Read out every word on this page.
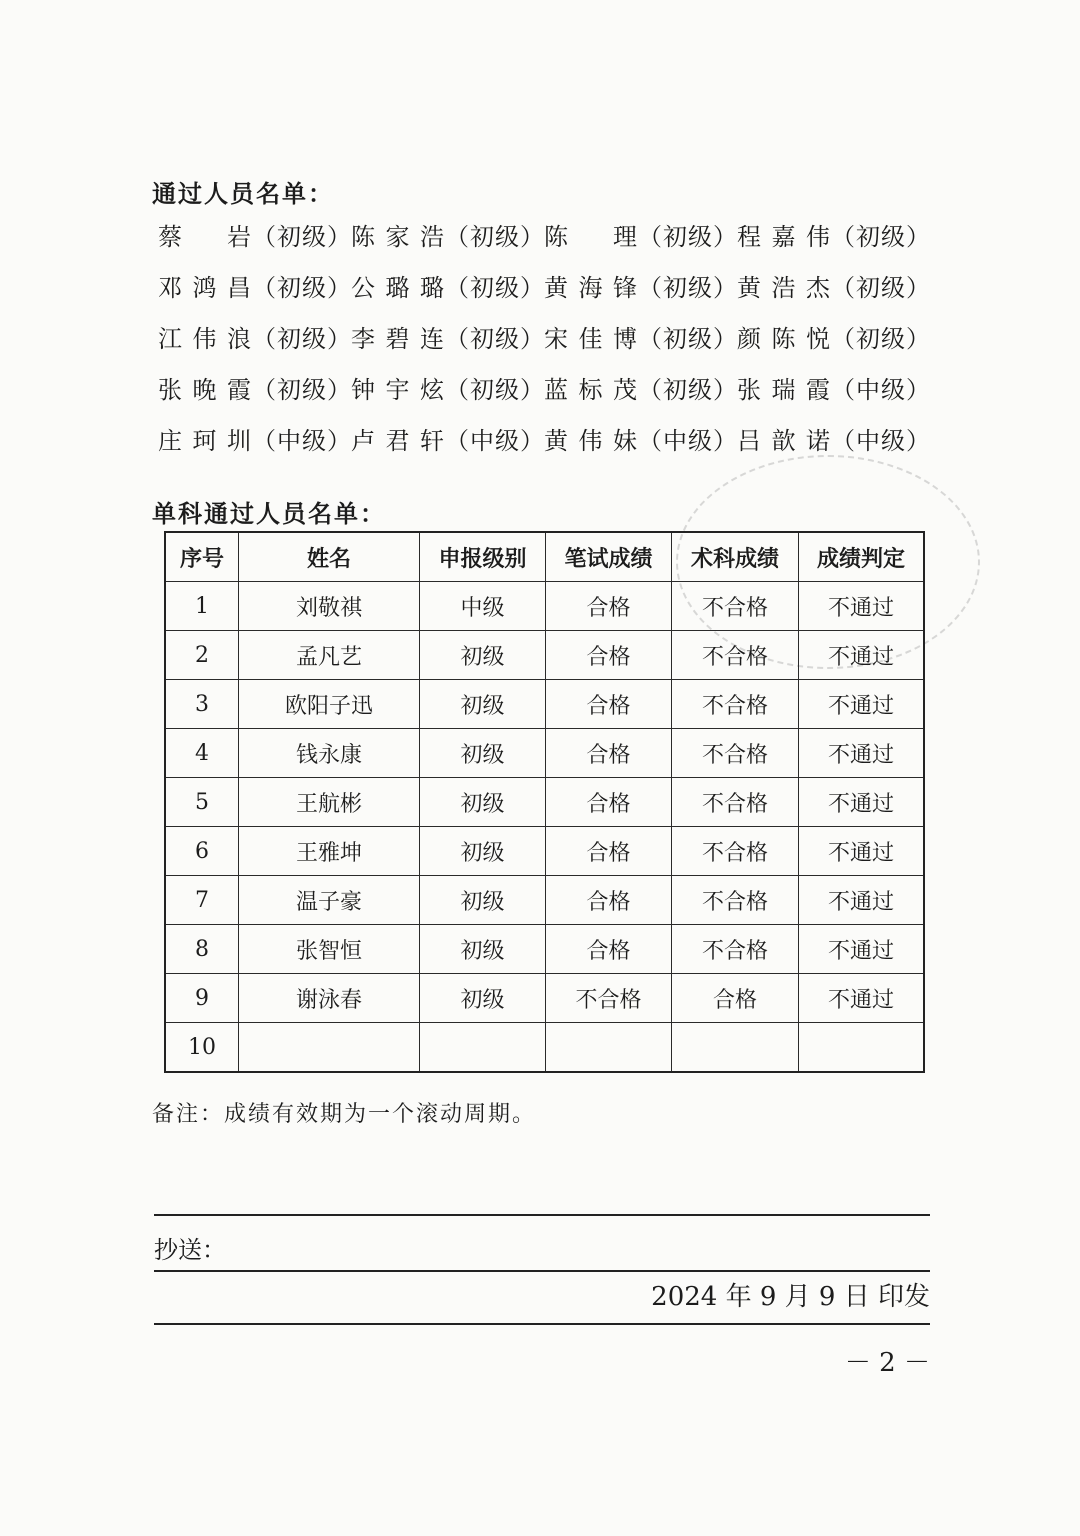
通过人员名单：
蔡　岩（初级） 陈家浩（初级） 陈　理（初级） 程嘉伟（初级）
邓鸿昌（初级） 公璐璐（初级） 黄海锋（初级） 黄浩杰（初级）
江伟浪（初级） 李碧连（初级） 宋佳博（初级） 颜陈悦（初级）
张晚霞（初级） 钟宇炫（初级） 蓝标茂（初级） 张瑞霞（中级）
庄珂圳（中级） 卢君轩（中级） 黄伟妹（中级） 吕歆诺（中级）
单科通过人员名单：
序号	姓名	申报级别	笔试成绩	术科成绩	成绩判定
1	刘敬祺	中级	合格	不合格	不通过
2	孟凡艺	初级	合格	不合格	不通过
3	欧阳子迅	初级	合格	不合格	不通过
4	钱永康	初级	合格	不合格	不通过
5	王航彬	初级	合格	不合格	不通过
6	王雅坤	初级	合格	不合格	不通过
7	温子豪	初级	合格	不合格	不通过
8	张智恒	初级	合格	不合格	不通过
9	谢泳春	初级	不合格	合格	不通过
10					
备注：成绩有效期为一个滚动周期。
抄送：
2024 年 9 月 9 日 印发
－ 2 －
